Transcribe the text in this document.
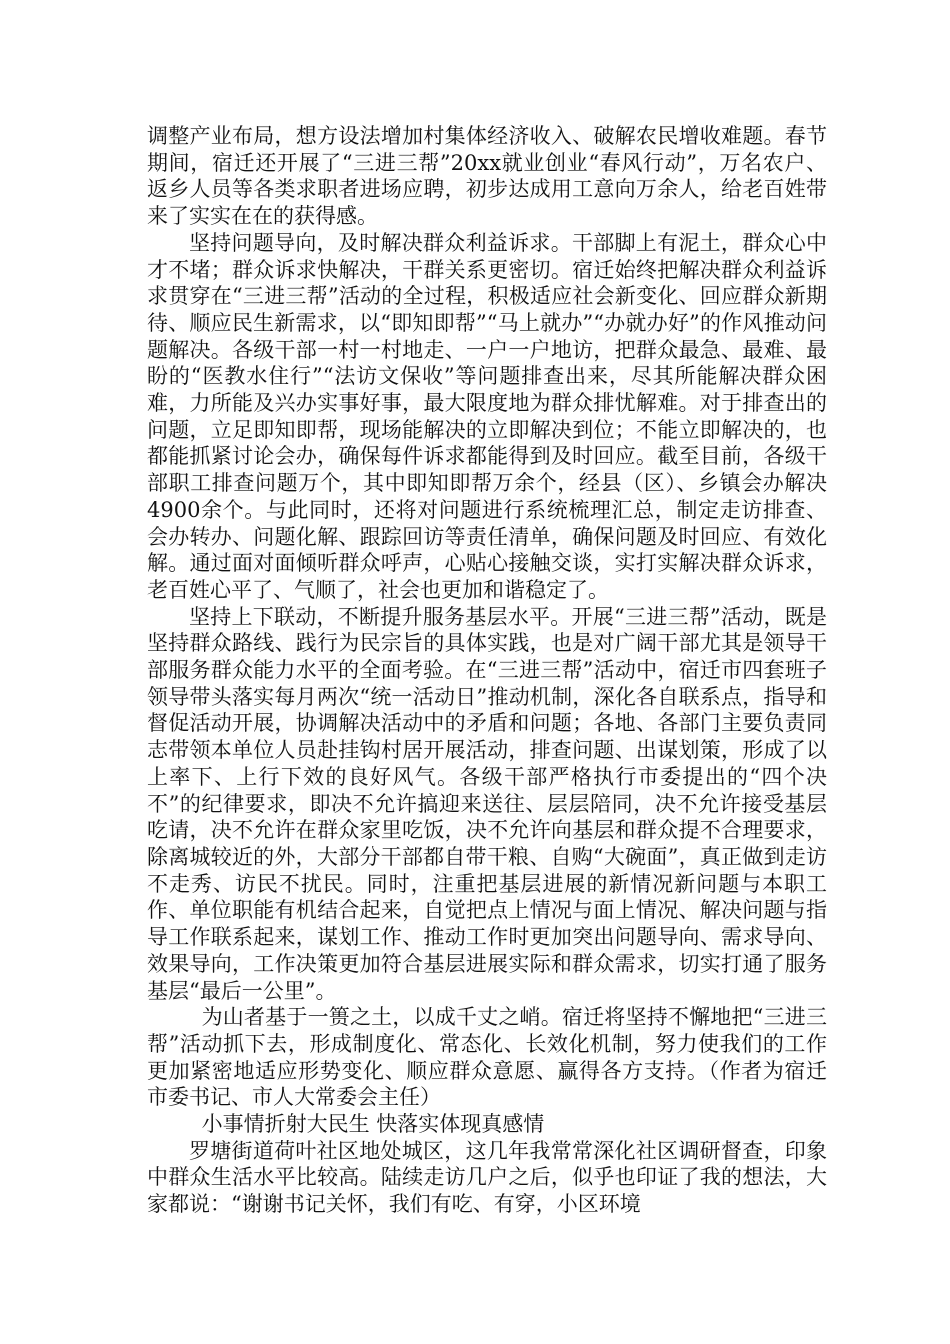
调整产业布局，想方设法增加村集体经济收入、破解农民增收难题。春节期间，宿迁还开展了“三进三帮”20xx就业创业“春风行动”，万名农户、返乡人员等各类求职者进场应聘，初步达成用工意向万余人，给老百姓带来了实实在在的获得感。

坚持问题导向，及时解决群众利益诉求。干部脚上有泥土，群众心中才不堵；群众诉求快解决，干群关系更密切。宿迁始终把解决群众利益诉求贯穿在“三进三帮”活动的全过程，积极适应社会新变化、回应群众新期待、顺应民生新需求，以“即知即帮”“马上就办”“办就办好”的作风推动问题解决。各级干部一村一村地走、一户一户地访，把群众最急、最难、最盼的“医教水住行”“法访文保收”等问题排查出来，尽其所能解决群众困难，力所能及兴办实事好事，最大限度地为群众排忧解难。对于排查出的问题，立足即知即帮，现场能解决的立即解决到位；不能立即解决的，也都能抓紧讨论会办，确保每件诉求都能得到及时回应。截至目前，各级干部职工排查问题万个，其中即知即帮万余个，经县（区）、乡镇会办解决4900余个。与此同时，还将对问题进行系统梳理汇总，制定走访排查、会办转办、问题化解、跟踪回访等责任清单，确保问题及时回应、有效化解。通过面对面倾听群众呼声，心贴心接触交谈，实打实解决群众诉求，老百姓心平了、气顺了，社会也更加和谐稳定了。

坚持上下联动，不断提升服务基层水平。开展“三进三帮”活动，既是坚持群众路线、践行为民宗旨的具体实践，也是对广阔干部尤其是领导干部服务群众能力水平的全面考验。在“三进三帮”活动中，宿迁市四套班子领导带头落实每月两次“统一活动日”推动机制，深化各自联系点，指导和督促活动开展，协调解决活动中的矛盾和问题；各地、各部门主要负责同志带领本单位人员赴挂钩村居开展活动，排查问题、出谋划策，形成了以上率下、上行下效的良好风气。各级干部严格执行市委提出的“四个决不”的纪律要求，即决不允许搞迎来送往、层层陪同，决不允许接受基层吃请，决不允许在群众家里吃饭，决不允许向基层和群众提不合理要求，除离城较近的外，大部分干部都自带干粮、自购“大碗面”，真正做到走访不走秀、访民不扰民。同时，注重把基层进展的新情况新问题与本职工作、单位职能有机结合起来，自觉把点上情况与面上情况、解决问题与指导工作联系起来，谋划工作、推动工作时更加突出问题导向、需求导向、效果导向，工作决策更加符合基层进展实际和群众需求，切实打通了服务基层“最后一公里”。

为山者基于一篑之土，以成千丈之峭。宿迁将坚持不懈地把“三进三帮”活动抓下去，形成制度化、常态化、长效化机制，努力使我们的工作更加紧密地适应形势变化、顺应群众意愿、赢得各方支持。（作者为宿迁市委书记、市人大常委会主任）

小事情折射大民生 快落实体现真感情

罗塘街道荷叶社区地处城区，这几年我常常深化社区调研督查，印象中群众生活水平比较高。陆续走访几户之后，似乎也印证了我的想法，大家都说：“谢谢书记关怀，我们有吃、有穿，小区环境
